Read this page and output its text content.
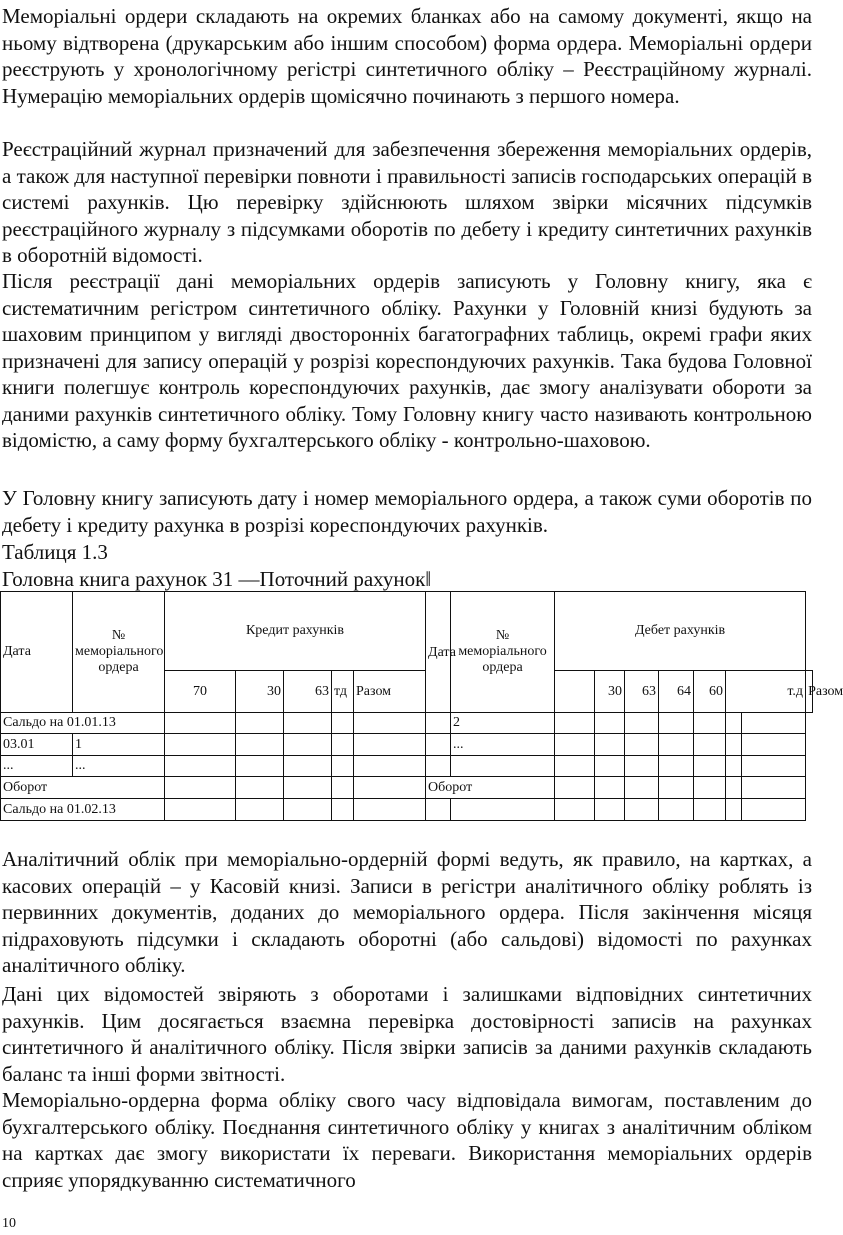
Меморіальні ордери складають на окремих бланках або на самому документі, якщо на ньому відтворена (друкарським або іншим способом) форма ордера. Меморіальні ордери реєструють у хронологічному регістрі синтетичного обліку – Реєстраційному журналі. Нумерацію меморіальних ордерів щомісячно починають з першого номера.

Реєстраційний журнал призначений для забезпечення збереження меморіальних ордерів, а також для наступної перевірки повноти і правильності записів господарських операцій в системі рахунків. Цю перевірку здійснюють шляхом звірки місячних підсумків реєстраційного журналу з підсумками оборотів по дебету і кредиту синтетичних рахунків в оборотній відомості.

Після реєстрації дані меморіальних ордерів записують у Головну книгу, яка є систематичним регістром синтетичного обліку. Рахунки у Головній книзі будують за шаховим принципом у вигляді двосторонніх багатографних таблиць, окремі графи яких призначені для запису операцій у розрізі кореспондуючих рахунків. Така будова Головної книги полегшує контроль кореспондуючих рахунків, дає змогу аналізувати обороти за даними рахунків синтетичного обліку. Тому Головну книгу часто називають контрольною відомістю, а саму форму бухгалтерського обліку - контрольно-шаховою.

У Головну книгу записують дату і номер меморіального ордера, а також суми оборотів по дебету і кредиту рахунка в розрізі кореспондуючих рахунків.

Таблиця 1.3

Головна книга рахунок 31 ―Поточний рахунок‖

Дата	№ меморіального ордера	Кредит рахунків					Дата	№ меморіального ордера	Дебет рахунків							
		70	30	63	тд	Разом				30	63	64	60	т.д		Разом
Сальдо на 01.01.13								2								
03.01	1							...								
...	...															
Оборот							Оборот									
Сальдо на 01.02.13																

Аналітичний облік при меморіально-ордерній формі ведуть, як правило, на картках, а касових операцій – у Касовій книзі. Записи в регістри аналітичного обліку роблять із первинних документів, доданих до меморіального ордера. Після закінчення місяця підраховують підсумки і складають оборотні (або сальдові) відомості по рахунках аналітичного обліку.

Дані цих відомостей звіряють з оборотами і залишками відповідних синтетичних рахунків. Цим досягається взаємна перевірка достовірності записів на рахунках синтетичного й аналітичного обліку. Після звірки записів за даними рахунків складають баланс та інші форми звітності.

Меморіально-ордерна форма обліку свого часу відповідала вимогам, поставленим до бухгалтерського обліку. Поєднання синтетичного обліку у книгах з аналітичним обліком на картках дає змогу використати їх переваги. Використання меморіальних ордерів сприяє упорядкуванню систематичного

10
